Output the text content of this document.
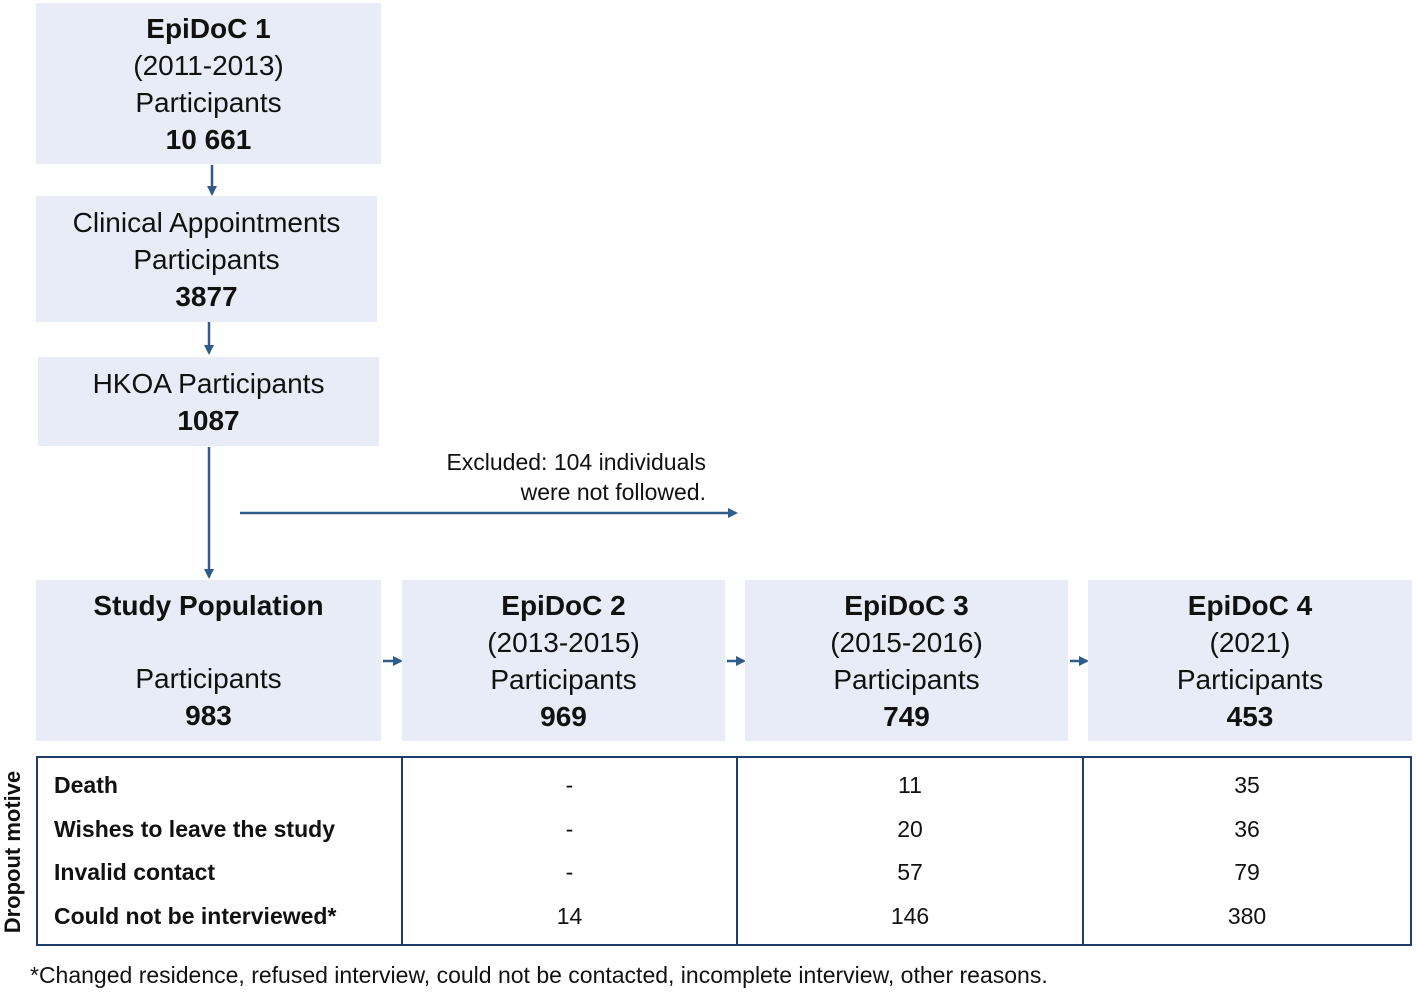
EpiDoC 1
(2011-2013)
Participants
10 661
Clinical Appointments
Participants
3877
HKOA Participants
1087
Excluded: 104 individuals
were not followed.
Study Population
Participants
983
EpiDoC 2
(2013-2015)
Participants
969
EpiDoC 3
(2015-2016)
Participants
749
EpiDoC 4
(2021)
Participants
453
Dropout motive Death
Wishes to leave the study
Invalid contact
Could not be interviewed*
-
-
-
14
11
20
57
146
35
36
79
380
*Changed residence, refused interview, could not be contacted, incomplete interview, other reasons.
